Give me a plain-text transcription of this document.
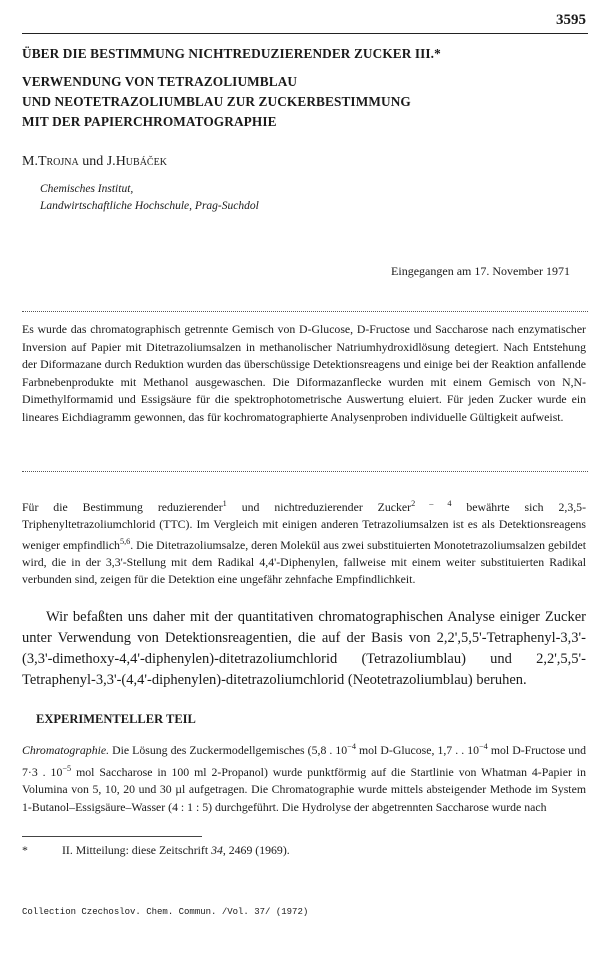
3595
ÜBER DIE BESTIMMUNG NICHTREDUZIERENDER ZUCKER III.*
VERWENDUNG VON TETRAZOLIUMBLAU
UND NEOTETRAZOLIUMBLAU ZUR ZUCKERBESTIMMUNG
MIT DER PAPIERCHROMATOGRAPHIE
M.Trojna und J.Hubáček
Chemisches Institut,
Landwirtschaftliche Hochschule, Prag-Suchdol
Eingegangen am 17. November 1971
Es wurde das chromatographisch getrennte Gemisch von D-Glucose, D-Fructose und Saccharose nach enzymatischer Inversion auf Papier mit Ditetrazoliumsalzen in methanolischer Natriumhydroxidlösung detegiert. Nach Entstehung der Diformazane durch Reduktion wurden das überschüssige Detektionsreagens und einige bei der Reaktion anfallende Farbnebenprodukte mit Methanol ausgewaschen. Die Diformazanflecke wurden mit einem Gemisch von N,N-Dimethylformamid und Essigsäure für die spektrophotometrische Auswertung eluiert. Für jeden Zucker wurde ein lineares Eichdiagramm gewonnen, das für kochromatographierte Analysenproben individuelle Gültigkeit aufweist.
Für die Bestimmung reduzierender$^1$ und nichtreduzierender Zucker$^{2 - 4}$ bewährte sich 2,3,5-Triphenyltetrazoliumchlorid (TTC). Im Vergleich mit einigen anderen Tetrazoliumsalzen ist es als Detektionsreagens weniger empfindlich$^{5,6}$. Die Ditetrazoliumsalze, deren Molekül aus zwei substituierten Monotetrazoliumsalzen gebildet wird, die in der 3,3'-Stellung mit dem Radikal 4,4'-Diphenylen, fallweise mit einem weiter substituierten Radikal verbunden sind, zeigen für die Detektion eine ungefähr zehnfache Empfindlichkeit.
Wir befaßten uns daher mit der quantitativen chromatographischen Analyse einiger Zucker unter Verwendung von Detektionsreagentien, die auf der Basis von 2,2',5,5'-Tetraphenyl-3,3'-(3,3'-dimethoxy-4,4'-diphenylen)-ditetrazoliumchlorid (Tetrazoliumblau) und 2,2',5,5'-Tetraphenyl-3,3'-(4,4'-diphenylen)-ditetrazoliumchlorid (Neotetrazoliumblau) beruhen.
EXPERIMENTELLER TEIL
Chromatographie. Die Lösung des Zuckermodellgemisches (5,8 . $10^{-4}$ mol D-Glucose, 1,7 . . $10^{-4}$ mol D-Fructose und 7·3 . $10^{-5}$ mol Saccharose in 100 ml 2-Propanol) wurde punktförmig auf die Startlinie von Whatman 4-Papier in Volumina von 5, 10, 20 und 30 µl aufgetragen. Die Chromatographie wurde mittels absteigender Methode im System 1-Butanol–Essigsäure–Wasser (4 : 1 : 5) durchgeführt. Die Hydrolyse der abgetrennten Saccharose wurde nach
*	II. Mitteilung: diese Zeitschrift 34, 2469 (1969).
Collection Czechoslov. Chem. Commun. /Vol. 37/ (1972)
